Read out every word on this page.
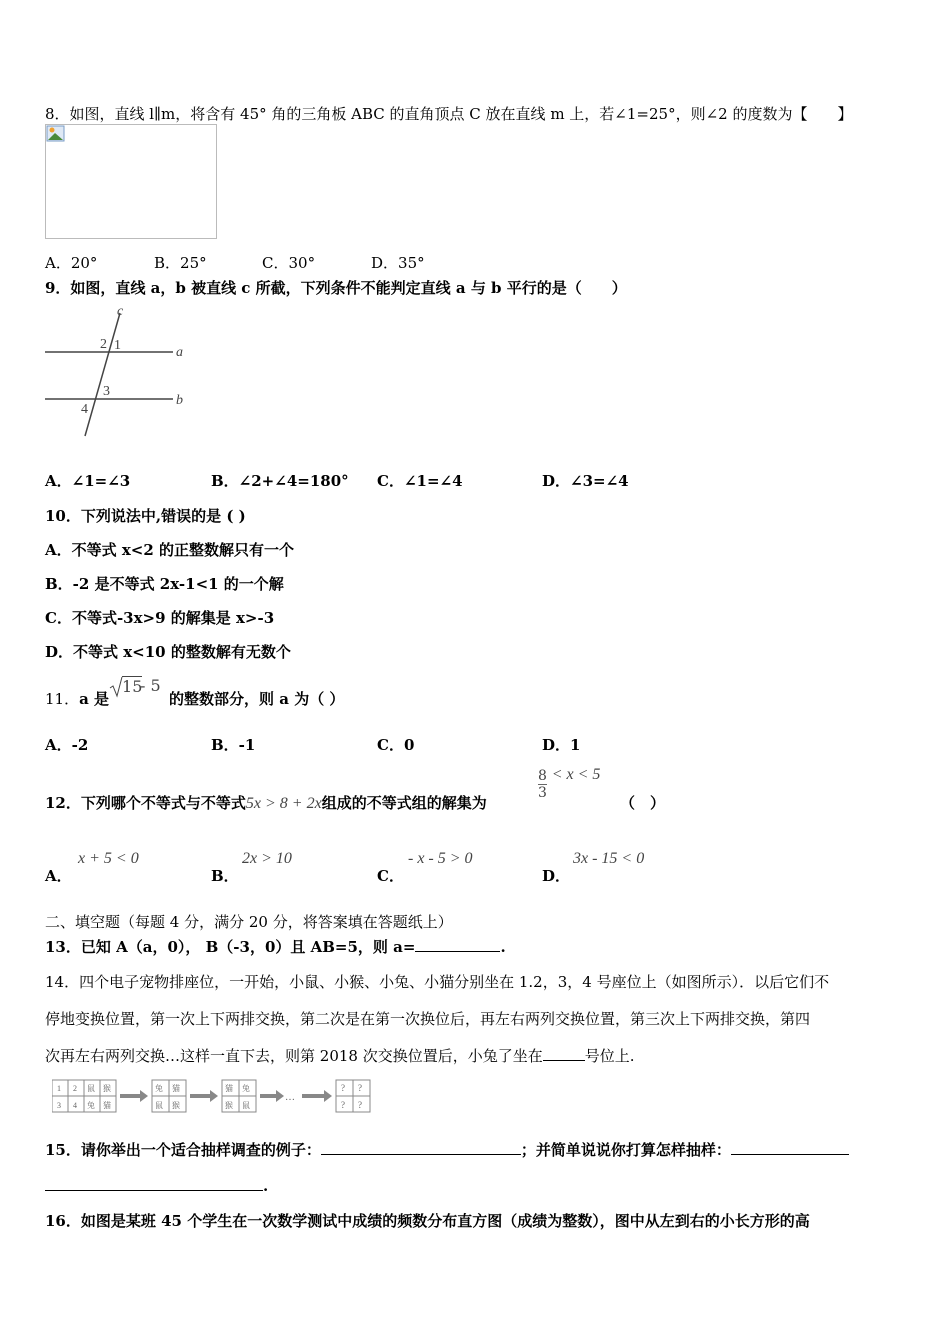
8．如图，直线 l∥m，将含有 45° 角的三角板 ABC 的直角顶点 C 放在直线 m 上，若∠1=25°，则∠2 的度数为【　　】
A．20°	B．25°	C．30°	D．35°
9．如图，直线 a，b 被直线 c 所截，下列条件不能判定直线 a 与 b 平行的是（　　）
c
a
b
1
2
3
4
A．∠1=∠3	B．∠2+∠4=180° C．∠1=∠4	D．∠3=∠4
10．下列说法中,错误的是 ( )
A．不等式 x<2 的正整数解只有一个
B．-2 是不等式 2x-1<1 的一个解
C．不等式-3x>9 的解集是 x>-3
D．不等式 x<10 的整数解有无数个
11．a 是
15
- 5
的整数部分，则 a 为（ ）
A．-2	B．-1	C．0	D．1
12．下列哪个不等式与不等式5x > 8 + 2x组成的不等式组的解集为
$\frac{8}{3} < x < 5$
（　）
A．
x + 5 < 0
B．
2x > 10
C．
- x - 5 > 0
D．
3x - 15 < 0
二、填空题（每题 4 分，满分 20 分，将答案填在答题纸上）
13．已知 A（a，0）， B（-3，0）且 AB=5，则 a=	.
14．四个电子宠物排座位，一开始，小鼠、小猴、小兔、小猫分别坐在 1.2，3，4 号座位上（如图所示）．以后它们不
停地变换位置，第一次上下两排交换，第二次是在第一次换位后，再左右两列交换位置，第三次上下两排交换，第四
次再左右两列交换…这样一直下去，则第 2018 次交换位置后，小兔了坐在	号位上.
1 2
3 4
鼠 猴
兔 猫
兔 猫
鼠 猴
猫 兔
猴 鼠
…
? ?
? ?
15．请你举出一个适合抽样调查的例子：	；并简单说说你打算怎样抽样：
.
16．如图是某班 45 个学生在一次数学测试中成绩的频数分布直方图（成绩为整数），图中从左到右的小长方形的高
